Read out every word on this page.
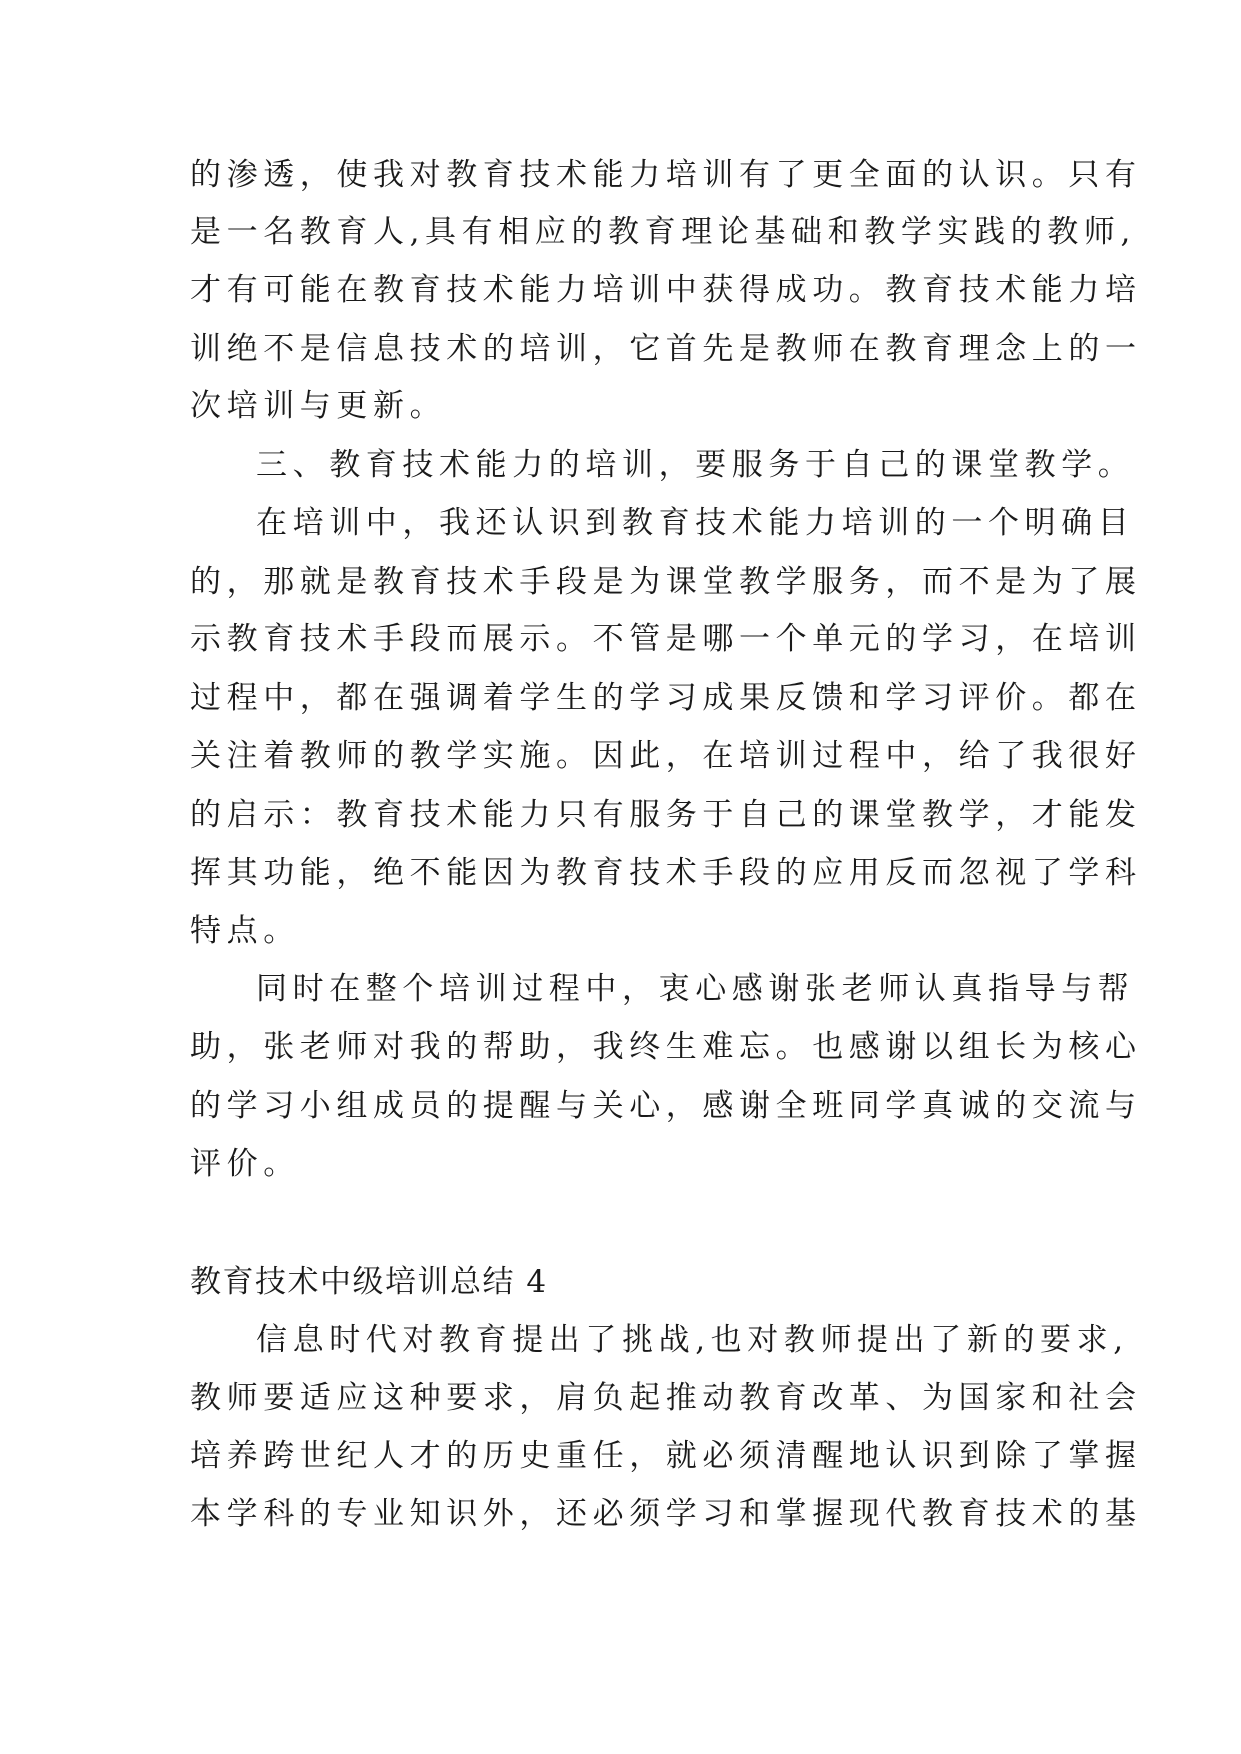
的渗透，使我对教育技术能力培训有了更全面的认识。只有
是一名教育人,具有相应的教育理论基础和教学实践的教师,
才有可能在教育技术能力培训中获得成功。教育技术能力培
训绝不是信息技术的培训，它首先是教师在教育理念上的一
次培训与更新。
三、教育技术能力的培训，要服务于自己的课堂教学。
在培训中，我还认识到教育技术能力培训的一个明确目
的，那就是教育技术手段是为课堂教学服务，而不是为了展
示教育技术手段而展示。不管是哪一个单元的学习，在培训
过程中，都在强调着学生的学习成果反馈和学习评价。都在
关注着教师的教学实施。因此，在培训过程中，给了我很好
的启示：教育技术能力只有服务于自己的课堂教学，才能发
挥其功能，绝不能因为教育技术手段的应用反而忽视了学科
特点。
同时在整个培训过程中，衷心感谢张老师认真指导与帮
助，张老师对我的帮助，我终生难忘。也感谢以组长为核心
的学习小组成员的提醒与关心，感谢全班同学真诚的交流与
评价。
教育技术中级培训总结 4
信息时代对教育提出了挑战,也对教师提出了新的要求,
教师要适应这种要求，肩负起推动教育改革、为国家和社会
培养跨世纪人才的历史重任，就必须清醒地认识到除了掌握
本学科的专业知识外，还必须学习和掌握现代教育技术的基
